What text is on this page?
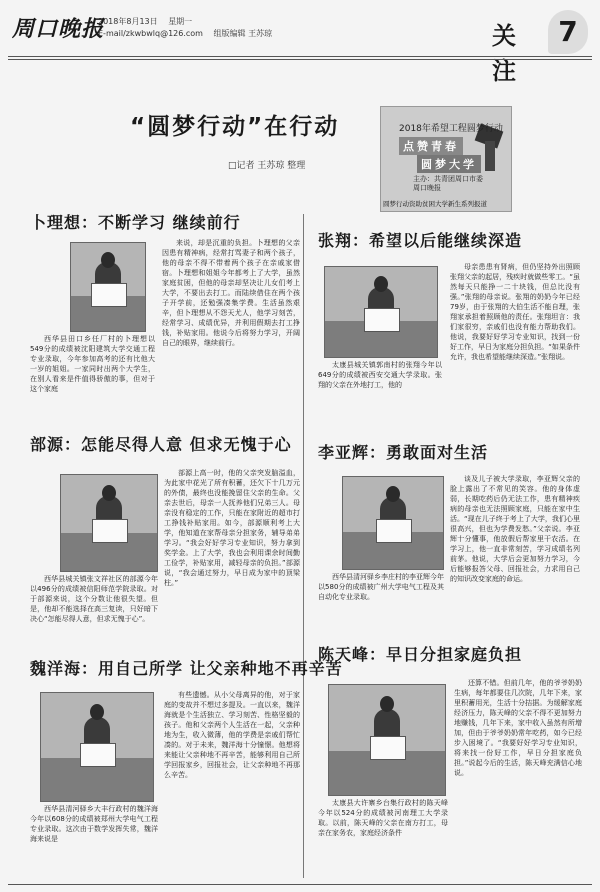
周口晚报
2018年8月13日 星期一
E-mail/zkwbwlq@126.com 组版编辑 王苏琼	关注
7
“圆梦行动”在行动
□记者 王苏琼 整理
2018年希望工程圆梦行动
点赞青春
圆梦大学
主办：共青团周口市委
周口晚报
圆梦行动资助贫困大学新生系列报道
卜理想：不断学习 继续前行

西华县田口乡任厂村的卜理想以549分的成绩被沈阳建筑大学交通工程专业录取，今年参加高考的还有比他大一岁的姐姐。一家同时出两个大学生，在别人看来是件值得骄傲的事，但对于这个家庭

来说，却是沉重的负担。卜理想的父亲因患有精神病，经常打骂妻子和两个孩子，他的母亲不得不带着两个孩子在亲戚家借宿。卜理想和姐姐今年都考上了大学，虽然家庭贫困，但他的母亲却坚决让儿女们考上大学，不要出去打工。而陆续借住在两个孩子开学前，还勉强凑集学费。生活虽然艰辛，但卜理想从不怨天尤人，他学习刻苦，经常学习、成绩优异，并利用假期去打工挣钱，补贴家用。他说今后将努力学习，开阔自己的眼界，继续前行。

张翔：希望以后能继续深造

太康县城关镇郭南村的张翔今年以649分的成绩被西安交通大学录取。张翔的父亲在外地打工，他的

母亲患患有肾病，但仍坚持外出照顾张翔父亲的起居，残疾时就做些零工。“虽然每天只能挣一二十块钱，但总比没有强。”张翔的母亲说。张翔的奶奶今年已经79岁，由于张翔的大伯生活不能自理，张翔家承担着照顾他的责任。张翔坦言：我们家很穷，亲戚们也没有能力帮助我们。他说，我要好好学习专业知识，找到一份好工作，早日为家庭分担负担。“如果条件允许，我也希望能继续深造。”张翔说。

部源：怎能尽得人意 但求无愧于心

西华县城关镇张文祥社区的部源今年以496分的成绩被信阳师范学院录取。对于部源来说，这个分数让他很失望。但是，他却不能选择在高三复读，只好暗下决心“怎能尽得人意，但求无愧于心”。

部源上高一时，他的父亲突发脑溢血，为此家中花光了所有积蓄，还欠下十几万元的外债，最终也没能挽留住父亲的生命。父亲去世后，母亲一人抚养他们兄弟三人。母亲没有稳定的工作，只能在家附近的超市打工挣钱补贴家用。如今，部源顺利考上大学，他知道在家帮母亲分担家务，辅导弟弟学习。“我会好好学习专业知识，努力拿到奖学金。上了大学，我也会利用课余时间勤工俭学，补贴家用，减轻母亲的负担。”部源说，“我会通过努力，早日成为家中的顶梁柱。”

李亚辉：勇敢面对生活

西华县清河驿乡李庄村的李亚辉今年以580分的成绩被广州大学电气工程及其自动化专业录取。

谈及儿子被大学录取，李亚辉父亲的脸上露出了不常见的笑容。他的身体虚弱，长期吃药后仍无法工作，患有精神疾病的母亲也无法照顾家庭，只能在家中生活。“现在儿子终于考上了大学，我们心里很高兴，但也为学费发愁。”父亲说。李亚辉十分懂事，他放假后帮家里干农活。在学习上，他一直非常刻苦，学习成绩名列前茅。他说，大学后会更加努力学习，今后能够报答父母、回报社会，力求用自己的知识改变家庭的命运。

魏洋海：用自己所学 让父亲种地不再辛苦

西华县清河驿乡大丰行政村的魏洋海今年以608分的成绩被郑州大学电气工程专业录取。这次由于数学发挥失常，魏洋海来说是

有些遗憾。从小父母离异的他，对于家庭的变故并不想过多提及。一直以来，魏洋海就是个生活独立、学习刻苦、性格坚毅的孩子。他和父亲两个人生活在一起，父亲种地为生，收入微薄，他的学费是亲戚们帮忙凑的。对于未来，魏洋海十分憧憬。他想将来能让父亲种地不再辛苦，能够利用自己所学回报家乡，回报社会，让父亲种地不再那么辛苦。

陈天峰：早日分担家庭负担

太康县大许寨乡台集行政村的陈天峰今年以524分的成绩被河南理工大学录取。以前，陈天峰的父亲在南方打工，母亲在家务农，家庭经济条件

还算不错。但前几年，他的爷爷奶奶生病，每年都要住几次院，几年下来，家里积蓄用光，生活十分拮据。为缓解家庭经济压力，陈天峰的父亲不得不更加努力地赚钱，几年下来，家中收入虽然有所增加，但由于爷爷奶奶常年吃药，如今已经步入困境了。“我要好好学习专业知识，将来找一份好工作，早日分担家庭负担。”说起今后的生活，陈天峰充满信心地说。
